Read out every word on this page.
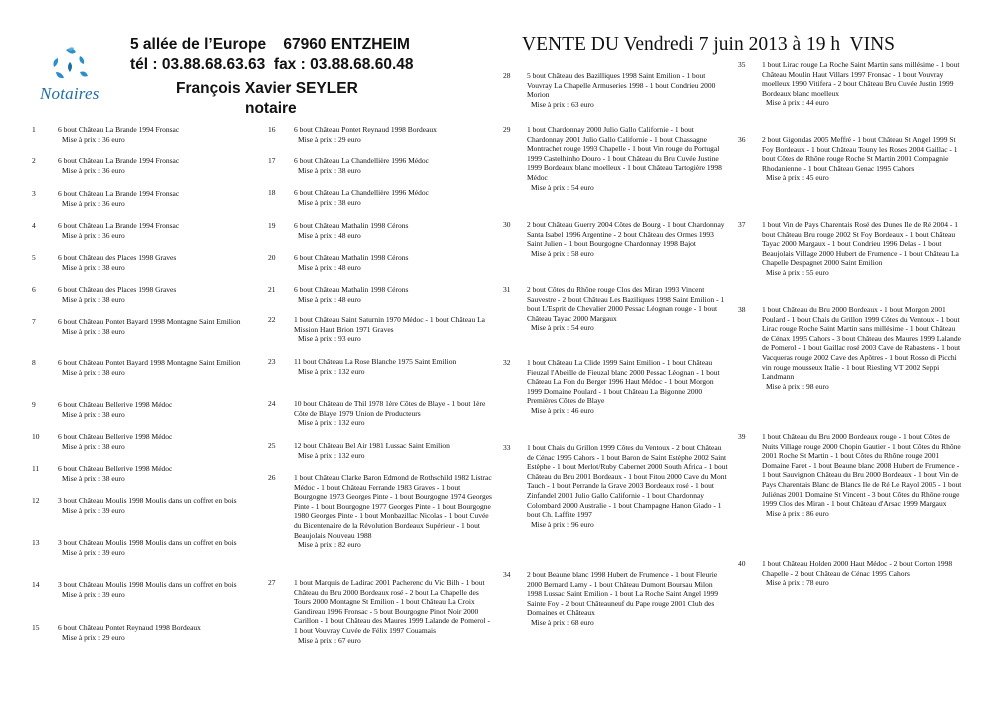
Notaires
5 allée de l’Europe    67960 ENTZHEIM
tél : 03.88.68.63.63  fax : 03.88.68.60.48
François Xavier SEYLER
notaire
VENTE DU Vendredi 7 juin 2013 à 19 h  VINS
1	6 bout Château La Brande 1994 Fronsac
Mise à prix : 36 euro
2	6 bout Château La Brande 1994 Fronsac
Mise à prix : 36 euro
3	6 bout Château La Brande 1994 Fronsac
Mise à prix : 36 euro
4	6 bout Château La Brande 1994 Fronsac
Mise à prix : 36 euro
5	6 bout Château des Places 1998 Graves
Mise à prix : 38 euro
6	6 bout Château des Places 1998 Graves
Mise à prix : 38 euro
7	6 bout Château Pontet Bayard 1998 Montagne Saint Emilion
Mise à prix : 38 euro
8	6 bout Château Pontet Bayard 1998 Montagne Saint Emilion
Mise à prix : 38 euro
9	6 bout Château Bellerive 1998 Médoc
Mise à prix : 38 euro
10 6 bout Château Bellerive 1998 Médoc
Mise à prix : 38 euro
11	6 bout Château Bellerive 1998 Médoc
Mise à prix : 38 euro
12 3 bout Château Moulis 1998 Moulis dans un coffret en bois
Mise à prix : 39 euro
13 3 bout Château Moulis 1998 Moulis dans un coffret en bois
Mise à prix : 39 euro
14 3 bout Château Moulis 1998 Moulis dans un coffret en bois
Mise à prix : 39 euro
15 6 bout Château Pontet Reynaud 1998 Bordeaux
Mise à prix : 29 euro
16 6 bout Château Pontet Reynaud 1998 Bordeaux
Mise à prix : 29 euro
17 6 bout Château La Chandellière 1996 Médoc
Mise à prix : 38 euro
18 6 bout Château La Chandellière 1996 Médoc
Mise à prix : 38 euro
19 6 bout Château Mathalin 1998 Cérons
Mise à prix : 48 euro
20 6 bout Château Mathalin 1998 Cérons
Mise à prix : 48 euro
21 6 bout Château Mathalin 1998 Cérons
Mise à prix : 48 euro
22 1 bout Château Saint Saturnin 1970 Médoc - 1 bout Château La Mission Haut Brion 1971 Graves
Mise à prix : 93 euro
23 11 bout Château La Rose Blanche 1975 Saint Emilion
Mise à prix : 132 euro
24 10 bout Château de Thil 1978 1ère Côtes de Blaye - 1 bout 1ère Côte de Blaye 1979 Union de Producteurs
Mise à prix : 132 euro
25 12 bout Château Bel Air 1981 Lussac Saint Emilion
Mise à prix : 132 euro
26 1 bout Château Clarke Baron Edmond de Rothschild 1982 Listrac Médoc - 1 bout Château Ferrande 1983 Graves - 1 bout Bourgogne 1973 Georges Pinte - 1 bout Bourgogne 1974 Georges Pinte - 1 bout Bourgogne 1977 Georges Pinte - 1 bout Bourgogne 1980 Georges Pinte - 1 bout Monbazillac Nicolas - 1 bout Cuvée du Bicentenaire de la Révolution Bordeaux Supérieur - 1 bout Beaujolais Nouveau 1988
Mise à prix : 82 euro
27 1 bout Marquis de Ladirac 2001 Pacherenc du Vic Bilh - 1 bout Château du Bru 2000 Bordeaux rosé - 2 bout La Chapelle des Tours 2000 Montagne St Emilion - 1 bout Château La Croix Gandireau 1996 Fronsac - 5 bout Bourgogne Pinot Noir 2000 Carillon - 1 bout Château des Maures 1999 Lalande de Pomerol - 1 bout Vouvray Cuvée de Félix 1997 Couamais
Mise à prix : 67 euro
28 5 bout Château des Bazilliques 1998 Saint Emilion - 1 bout Vouvray La Chapelle Armuseries 1998 - 1 bout Condrieu 2000 Morion
Mise à prix : 63 euro
29 1 bout Chardonnay 2000 Julio Gallo Californie - 1 bout Chardonnay 2001 Julio Gallo Californie - 1 bout Chassagne Montrachet rouge 1993 Chapelle - 1 bout Vin rouge du Portugal 1999 Castelhinho Douro - 1 bout Château du Bru Cuvée Justine 1999 Bordeaux blanc moelleux - 1 bout Château Tartogière 1998 Médoc
Mise à prix : 54 euro
30 2 bout Château Guerry 2004 Côtes de Bourg - 1 bout Chardonnay Santa Isabel 1996 Argentine - 2 bout Château des Ormes 1993 Saint Julien - 1 bout Bourgogne Chardonnay 1998 Bajot
Mise à prix : 58 euro
31 2 bout Côtes du Rhône rouge Clos des Miran 1993 Vincent Sauvestre - 2 bout Château Les Baziliques 1998 Saint Emilion - 1 bout L'Esprit de Chevalier 2000 Pessac Léognan rouge - 1 bout Château Tayac 2000 Margaux
Mise à prix : 54 euro
32 1 bout Château La Clide 1999 Saint Emilion - 1 bout Château Fieuzal l'Abeille de Fieuzal blanc 2000 Pessac Léognan - 1 bout Château La Fon du Berger 1996 Haut Médoc - 1 bout Morgon 1999 Domaine Poulard - 1 bout Château La Bigonne 2000 Premières Côtes de Blaye
Mise à prix : 46 euro
33 1 bout Chais du Grillon 1999 Côtes du Ventoux - 2 bout Château de Cénac 1995 Cahors - 1 bout Baron de Saint Estèphe 2002 Saint Estèphe - 1 bout Merlot/Ruby Cabernet 2000 South Africa - 1 bout Château du Bru 2001 Bordeaux - 1 bout Fitou 2000 Cave du Mont Tauch - 1 bout Perrande la Grave 2003 Bordeaux rosé - 1 bout Zinfandel 2001 Julio Gallo Californie - 1 bout Chardonnay Colombard 2000 Australie - 1 bout Champagne Hanon Giado - 1 bout Ch. Laffite 1997
Mise à prix : 96 euro
34 2 bout Beaune blanc 1998 Hubert de Frumence - 1 bout Fleurie 2000 Bernard Lamy - 1 bout Château Dumont Boursau Milon 1998 Lussac Saint Emilion - 1 bout La Roche Saint Angel 1999 Sainte Foy - 2 bout Châteauneuf du Pape rouge 2001 Club des Domaines et Châteaux
Mise à prix : 68 euro
35 1 bout Lirac rouge La Roche Saint Martin sans millésime - 1 bout Château Moulin Haut Villars 1997 Fronsac - 1 bout Vouvray moelleux 1990 Vitifera - 2 bout Château Bru Cuvée Justin 1999 Bordeaux blanc moelleux
Mise à prix : 44 euro
36 2 bout Gigondas 2005 Meffré - 1 bout Château St Angel 1999 St Foy Bordeaux - 1 bout Château Touny les Roses 2004 Gaillac - 1 bout Côtes de Rhône rouge Roche St Martin 2001 Compagnie Rhodanienne - 1 bout Château Genac 1995 Cahors
Mise à prix : 45 euro
37 1 bout Vin de Pays Charentais Rosé des Dunes Ile de Ré 2004 - 1 bout Château Bru rouge 2002 St Foy Bordeaux - 1 bout Château Tayac 2000 Margaux - 1 bout Condrieu 1996 Delas - 1 bout Beaujolais Village 2000 Hubert de Frumence - 1 bout Château La Chapelle Despagnet 2000 Saint Emilion
Mise à prix : 55 euro
38 1 bout Château du Bru 2000 Bordeaux - 1 bout Morgon 2001 Poulard - 1 bout Chais du Grillon 1999 Côtes du Ventoux - 1 bout Lirac rouge Roche Saint Martin sans millésime - 1 bout Château de Cénax 1995 Cahors - 3 bout Château des Maures 1999 Lalande de Pomerol - 1 bout Gaillac rosé 2003 Cave de Rabastens - 1 bout Vacqueras rouge 2002 Cave des Apôtres - 1 bout Rosso di Picchi vin rouge mousseux Italie - 1 bout Riesling VT 2002 Seppi Landmann
Mise à prix : 98 euro
39 1 bout Château du Bru 2000 Bordeaux rouge - 1 bout Côtes de Nuits Village rouge 2000 Chopin Gautier - 1 bout Côtes du Rhône 2001 Roche St Martin - 1 bout Côtes du Rhône rouge 2001 Domaine Faret - 1 bout Beaune blanc 2008 Hubert de Frumence - 1 bout Sauvignon Château du Bru 2000 Bordeaux - 1 bout Vin de Pays Charentais Blanc de Blancs Ile de Ré Le Rayol 2005 - 1 bout Juliénas 2001 Domaine St Vincent - 3 bout Côtes du Rhône rouge 1999 Clos des Miran - 1 bout Château d'Arsac 1999 Margaux
Mise à prix : 86 euro
40 1 bout Château Holden 2000 Haut Médoc - 2 bout Corton 1998 Chapelle - 2 bout Château de Cénac 1995 Cahors
Mise à prix : 78 euro
